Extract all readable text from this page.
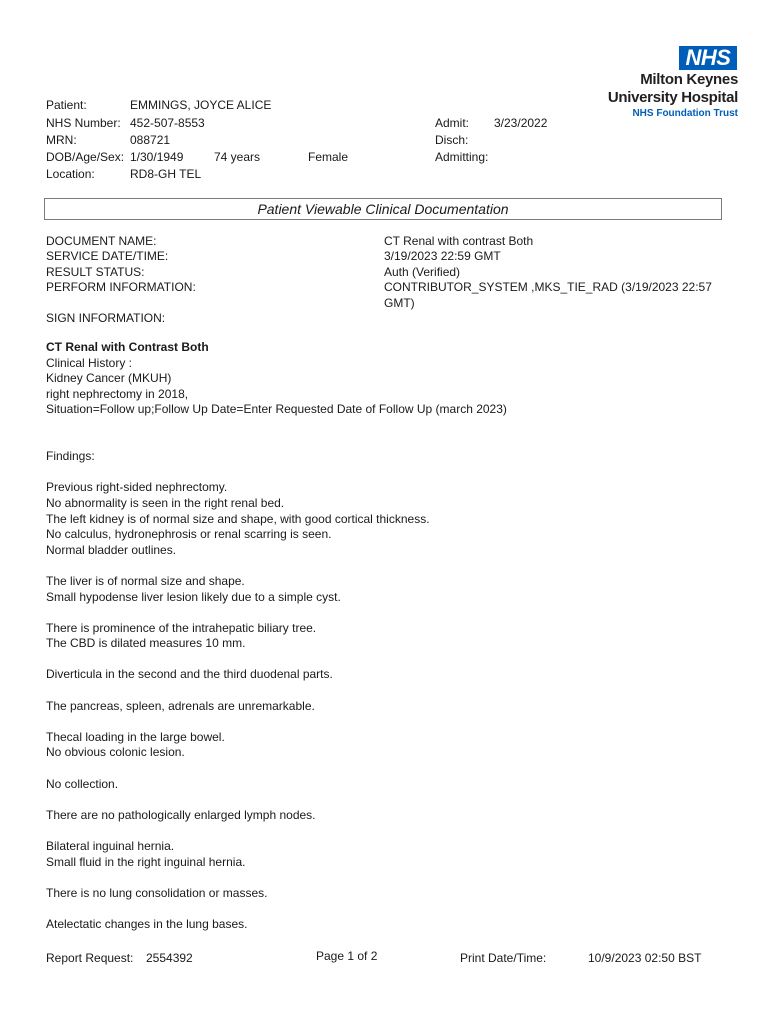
NHS
Milton Keynes
University Hospital
NHS Foundation Trust
Patient:	EMMINGS, JOYCE ALICE
NHS Number: 452-507-8553
MRN:	088721
DOB/Age/Sex: 1/30/1949	74 years	Female
Location:	RD8-GH TEL
Admit: 3/23/2022
Disch:
Admitting:
Patient Viewable Clinical Documentation
DOCUMENT NAME:	CT Renal with contrast Both
SERVICE DATE/TIME:	3/19/2023 22:59 GMT
RESULT STATUS:	Auth (Verified)
PERFORM INFORMATION:	CONTRIBUTOR_SYSTEM ,MKS_TIE_RAD (3/19/2023 22:57 GMT)
SIGN INFORMATION:
CT Renal with Contrast Both
Clinical History :
Kidney Cancer (MKUH)
right nephrectomy in 2018,
Situation=Follow up;Follow Up Date=Enter Requested Date of Follow Up (march 2023)
Findings:
Previous right-sided nephrectomy.
No abnormality is seen in the right renal bed.
The left kidney is of normal size and shape, with good cortical thickness.
No calculus, hydronephrosis or renal scarring is seen.
Normal bladder outlines.
The liver is of normal size and shape.
Small hypodense liver lesion likely due to a simple cyst.
There is prominence of the intrahepatic biliary tree.
The CBD is dilated measures 10 mm.
Diverticula in the second and the third duodenal parts.
The pancreas, spleen, adrenals are unremarkable.
Thecal loading in the large bowel.
No obvious colonic lesion.
No collection.
There are no pathologically enlarged lymph nodes.
Bilateral inguinal hernia.
Small fluid in the right inguinal hernia.
There is no lung consolidation or masses.
Atelectatic changes in the lung bases.
Report Request: 2554392	Page 1 of 2	Print Date/Time:	10/9/2023 02:50 BST
